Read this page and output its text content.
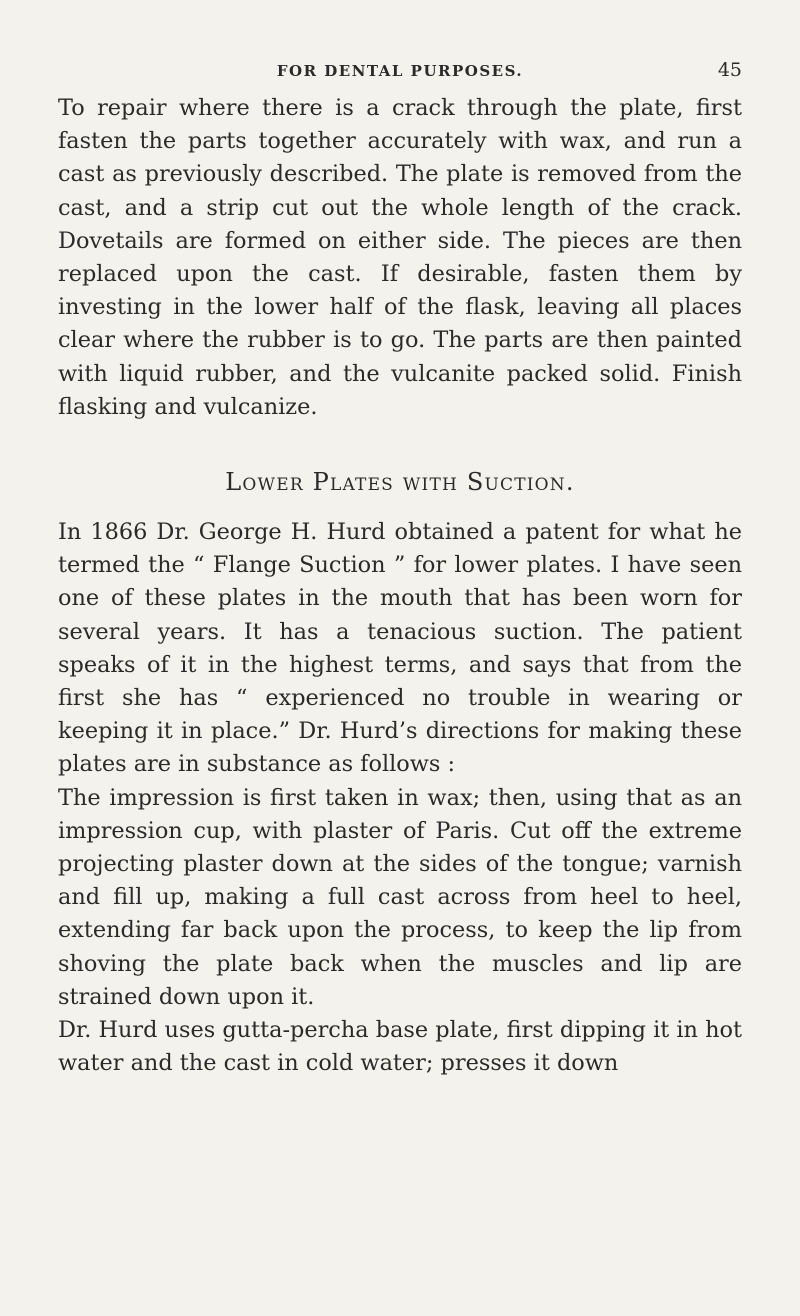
FOR DENTAL PURPOSES.	45

To repair where there is a crack through the plate, first fasten the parts together accurately with wax, and run a cast as previously described. The plate is removed from the cast, and a strip cut out the whole length of the crack. Dovetails are formed on either side. The pieces are then replaced upon the cast. If desirable, fasten them by investing in the lower half of the flask, leaving all places clear where the rubber is to go. The parts are then painted with liquid rubber, and the vulcanite packed solid. Finish flasking and vulcanize.

Lower Plates with Suction.

In 1866 Dr. George H. Hurd obtained a patent for what he termed the “ Flange Suction ” for lower plates. I have seen one of these plates in the mouth that has been worn for several years. It has a tenacious suction. The patient speaks of it in the highest terms, and says that from the first she has “ experienced no trouble in wearing or keeping it in place.” Dr. Hurd’s directions for making these plates are in substance as follows :

The impression is first taken in wax; then, using that as an impression cup, with plaster of Paris. Cut off the extreme projecting plaster down at the sides of the tongue; varnish and fill up, making a full cast across from heel to heel, extending far back upon the process, to keep the lip from shoving the plate back when the muscles and lip are strained down upon it.

Dr. Hurd uses gutta-percha base plate, first dipping it in hot water and the cast in cold water; presses it down
